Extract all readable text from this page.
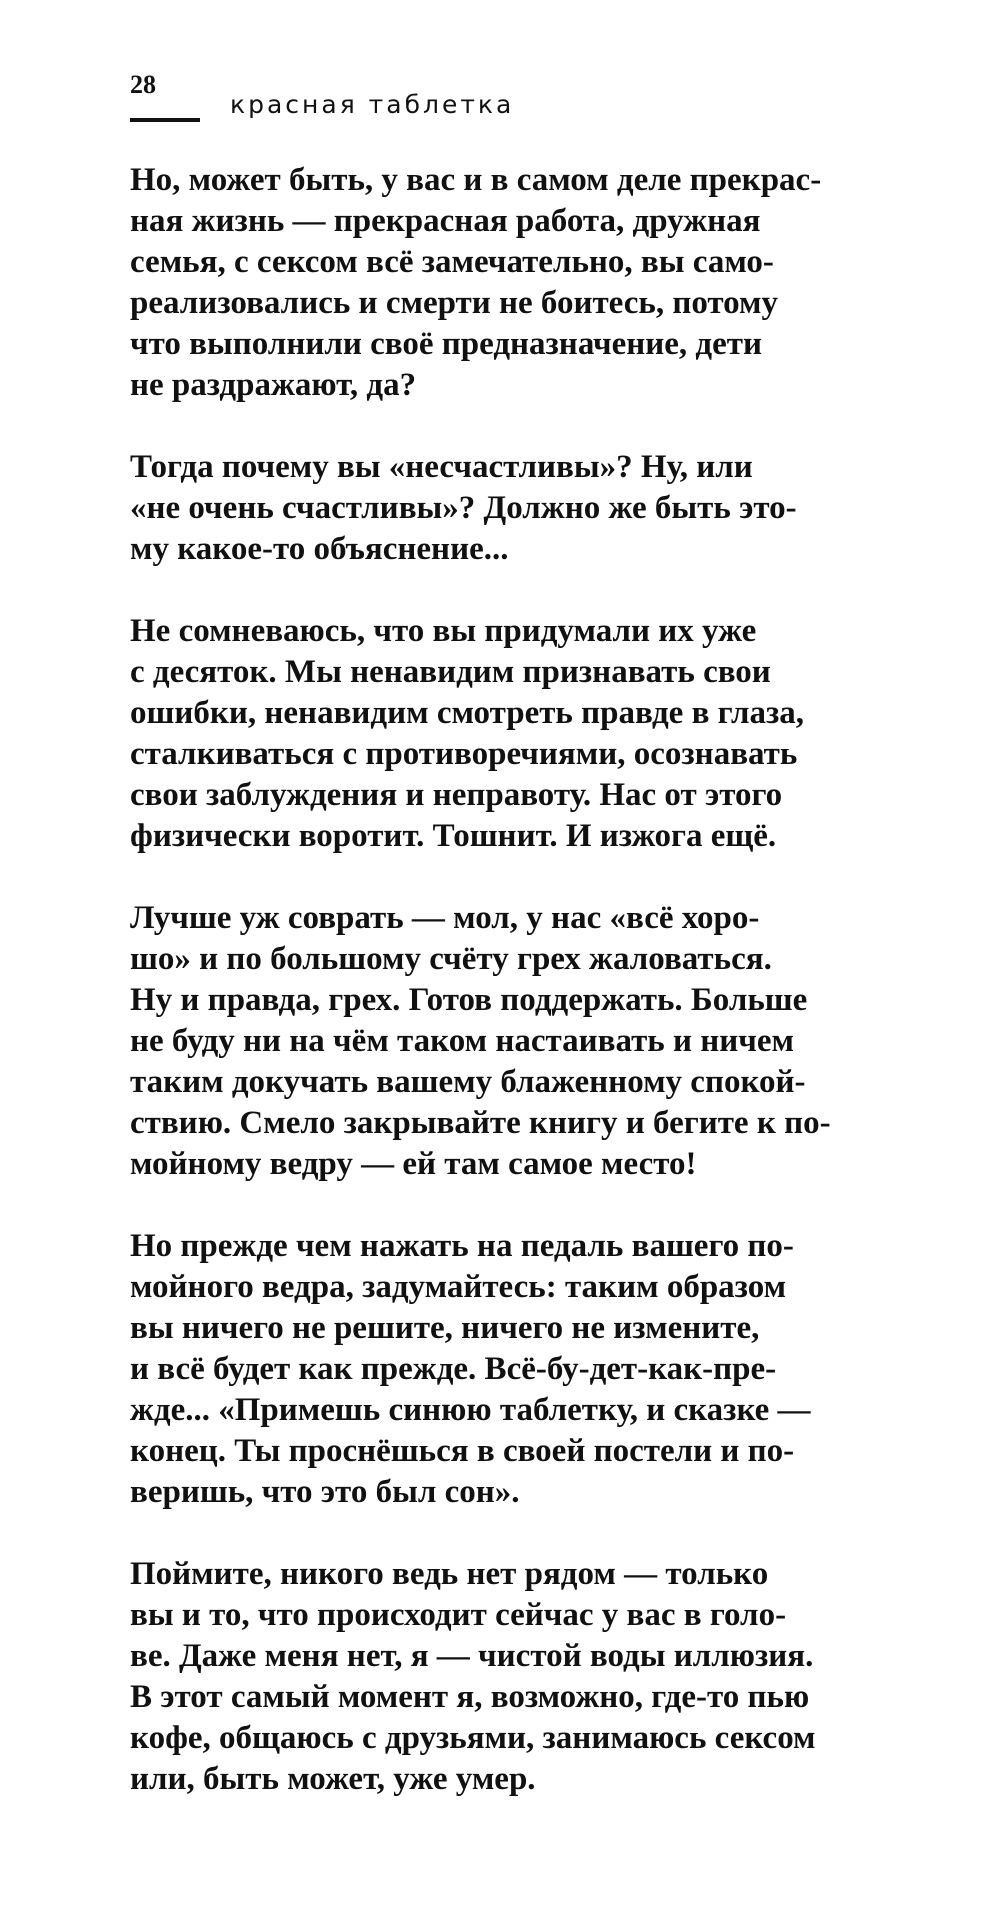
28
красная таблетка

Но, может быть, у вас и в самом деле прекрас-
ная жизнь — прекрасная работа, дружная
семья, с сексом всё замечательно, вы само-
реализовались и смерти не боитесь, потому
что выполнили своё предназначение, дети
не раздражают, да?

Тогда почему вы «несчастливы»? Ну, или
«не очень счастливы»? Должно же быть это-
му какое-то объяснение...

Не сомневаюсь, что вы придумали их уже
с десяток. Мы ненавидим признавать свои
ошибки, ненавидим смотреть правде в глаза,
сталкиваться с противоречиями, осознавать
свои заблуждения и неправоту. Нас от этого
физически воротит. Тошнит. И изжога ещё.

Лучше уж соврать — мол, у нас «всё хоро-
шо» и по большому счёту грех жаловаться.
Ну и правда, грех. Готов поддержать. Больше
не буду ни на чём таком настаивать и ничем
таким докучать вашему блаженному спокой-
ствию. Смело закрывайте книгу и бегите к по-
мойному ведру — ей там самое место!

Но прежде чем нажать на педаль вашего по-
мойного ведра, задумайтесь: таким образом
вы ничего не решите, ничего не измените,
и всё будет как прежде. Всё-бу-дет-как-пре-
жде... «Примешь синюю таблетку, и сказке —
конец. Ты проснёшься в своей постели и по-
веришь, что это был сон».

Поймите, никого ведь нет рядом — только
вы и то, что происходит сейчас у вас в голо-
ве. Даже меня нет, я — чистой воды иллюзия.
В этот самый момент я, возможно, где-то пью
кофе, общаюсь с друзьями, занимаюсь сексом
или, быть может, уже умер.
